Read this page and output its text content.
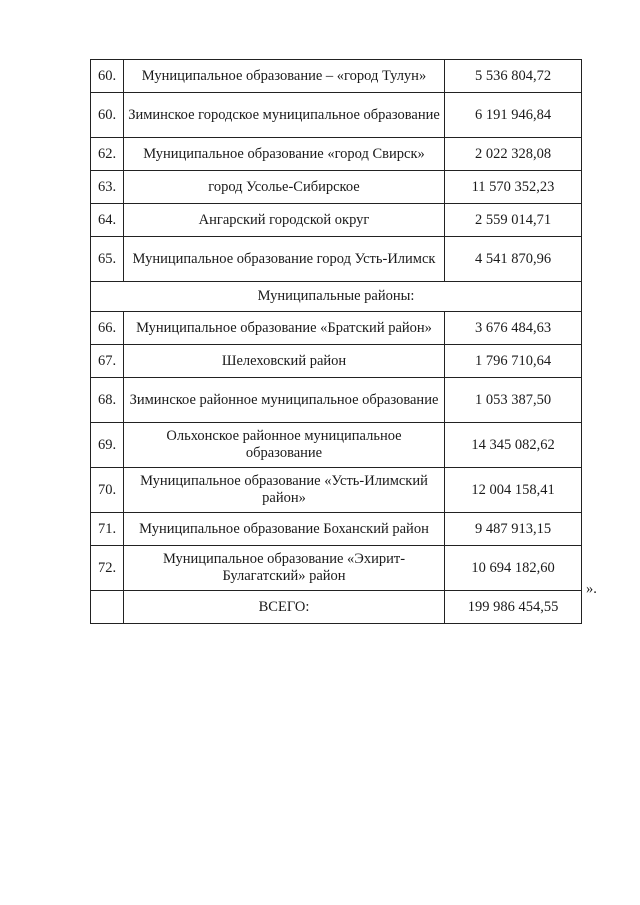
60.	Муниципальное образование – «город Тулун»	5 536 804,72
60.	Зиминское городское муниципальное образование	6 191 946,84
62.	Муниципальное образование «город Свирск»	2 022 328,08
63.	город Усолье-Сибирское	11 570 352,23
64.	Ангарский городской округ	2 559 014,71
65.	Муниципальное образование город Усть-Илимск	4 541 870,96
Муниципальные районы:		
66.	Муниципальное образование «Братский район»	3 676 484,63
67.	Шелеховский район	1 796 710,64
68.	Зиминское районное муниципальное образование	1 053 387,50
69.	Ольхонское районное муниципальное образование	14 345 082,62
70.	Муниципальное образование «Усть-Илимский район»	12 004 158,41
71.	Муниципальное образование Боханский район	9 487 913,15
72.	Муниципальное образование «Эхирит-Булагатский» район	10 694 182,60
	ВСЕГО:	199 986 454,55
».
